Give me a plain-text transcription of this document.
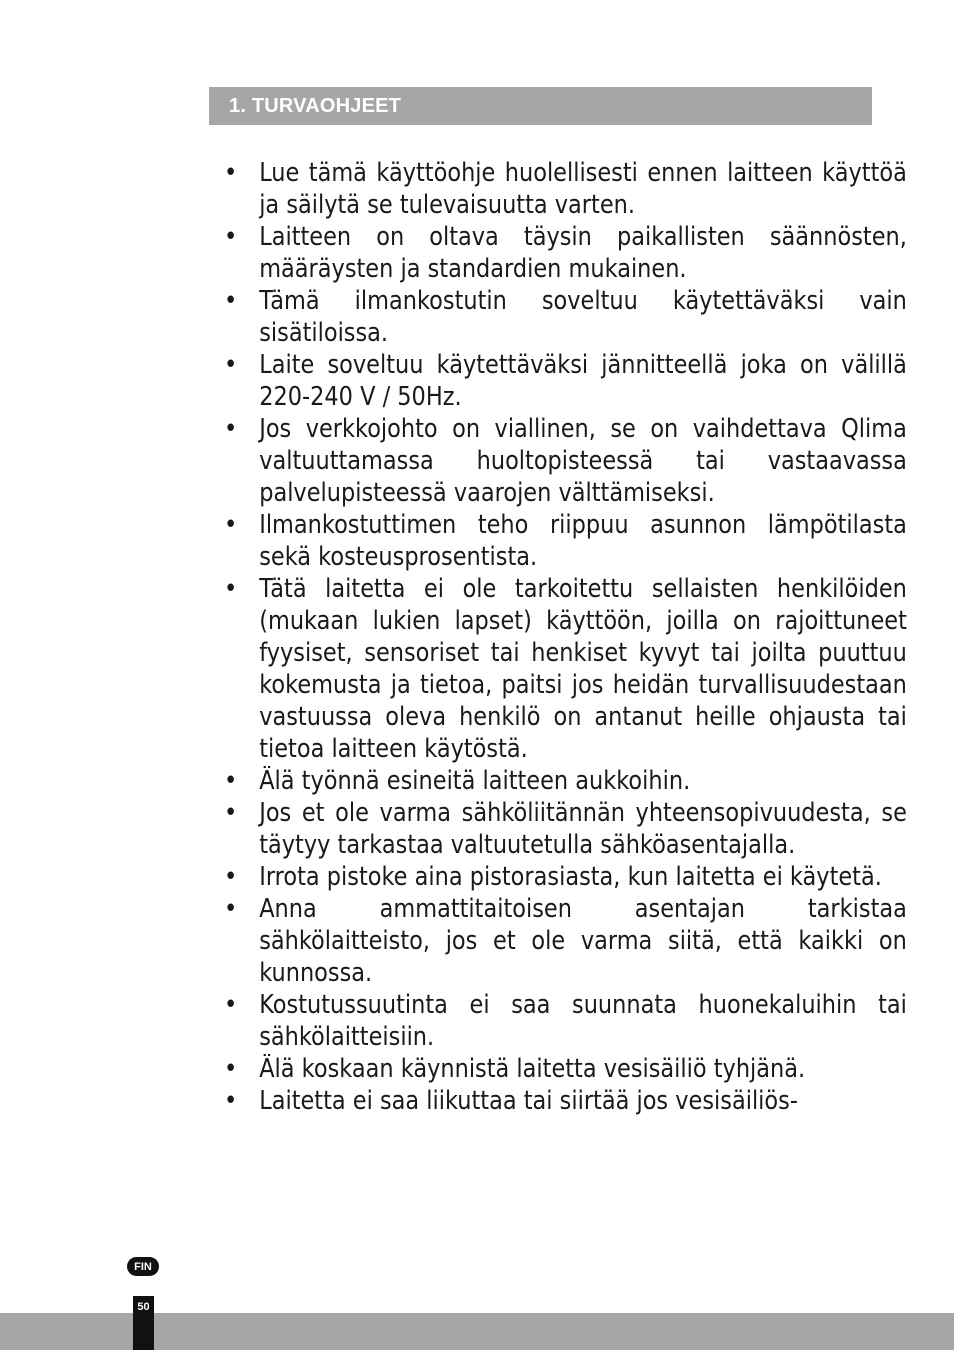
1. TURVAOHJEET
• Lue tämä käyttöohje huolellisesti ennen laitteen käyttöä ja säilytä se tulevaisuutta varten.
• Laitteen on oltava täysin paikallisten säännösten, määräysten ja standardien mukainen.
• Tämä ilmankostutin soveltuu käytettäväksi vain sisätiloissa.
• Laite soveltuu käytettäväksi jännitteellä joka on välillä 220-240 V / 50Hz.
• Jos verkkojohto on viallinen, se on vaihdettava Qlima valtuuttamassa huoltopisteessä tai vastaavassa palvelupisteessä vaarojen välttämiseksi.
• Ilmankostuttimen teho riippuu asunnon lämpötilasta sekä kosteusprosentista.
• Tätä laitetta ei ole tarkoitettu sellaisten henkilöiden (mukaan lukien lapset) käyttöön, joilla on rajoittuneet fyysiset, sensoriset tai henkiset kyvyt tai joilta puuttuu kokemusta ja tietoa, paitsi jos heidän turvallisuudestaan vastuussa oleva henkilö on antanut heille ohjausta tai tietoa laitteen käytöstä.
• Älä työnnä esineitä laitteen aukkoihin.
• Jos et ole varma sähköliitännän yhteensopivuudesta, se täytyy tarkastaa valtuutetulla sähköasentajalla.
• Irrota pistoke aina pistorasiasta, kun laitetta ei käytetä.
• Anna ammattitaitoisen asentajan tarkistaa sähkölaitteisto, jos et ole varma siitä, että kaikki on kunnossa.
• Kostutussuutinta ei saa suunnata huonekaluihin tai sähkölaitteisiin.
• Älä koskaan käynnistä laitetta vesisäiliö tyhjänä.
• Laitetta ei saa liikuttaa tai siirtää jos vesisäiliös-
FIN
50
